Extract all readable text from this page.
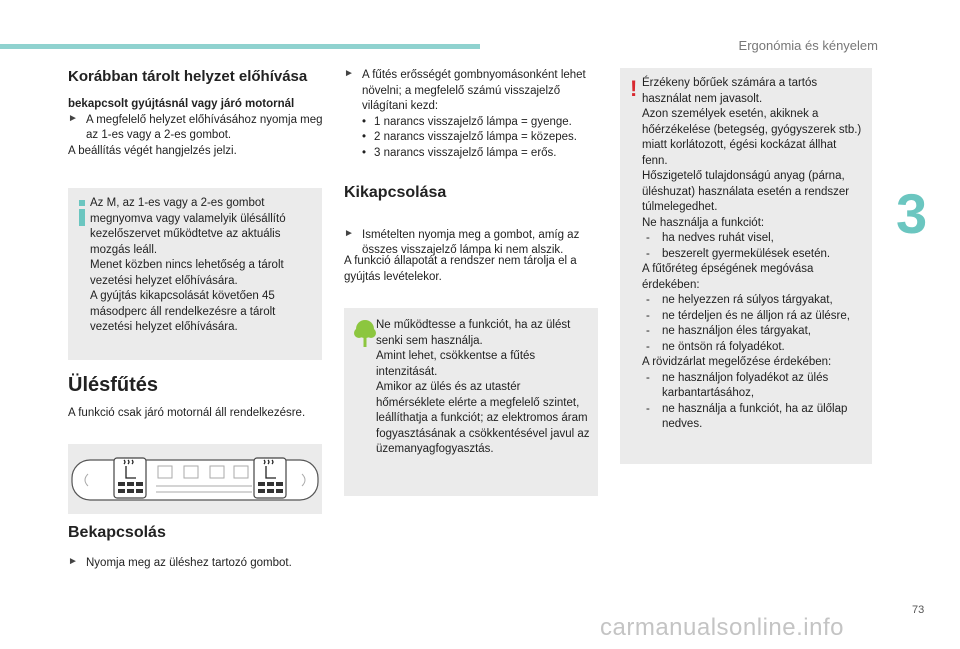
Ergonómia és kényelem
3
Korábban tárolt helyzet előhívása

bekapcsolt gyújtásnál vagy járó motornál

► A megfelelő helyzet előhívásához nyomja meg az 1-es vagy a 2-es gombot.

A beállítás végét hangjelzés jelzi.

Az M, az 1-es vagy a 2-es gombot megnyomva vagy valamelyik ülésállító kezelőszervet működtetve az aktuális mozgás leáll.

Menet közben nincs lehetőség a tárolt vezetési helyzet előhívására.

A gyújtás kikapcsolását követően 45 másodperc áll rendelkezésre a tárolt vezetési helyzet előhívására.

Ülésfűtés

A funkció csak járó motornál áll rendelkezésre.

Bekapcsolás
► Nyomja meg az üléshez tartozó gombot.

► A fűtés erősségét gombnyomásonként lehet növelni; a megfelelő számú visszajelző világítani kezd:

• 1 narancs visszajelző lámpa = gyenge.
• 2 narancs visszajelző lámpa = közepes.
• 3 narancs visszajelző lámpa = erős.
Kikapcsolása
► Ismételten nyomja meg a gombot, amíg az összes visszajelző lámpa ki nem alszik.

A funkció állapotát a rendszer nem tárolja el a gyújtás levételekor.

Ne működtesse a funkciót, ha az ülést senki sem használja.

Amint lehet, csökkentse a fűtés intenzitását.

Amikor az ülés és az utastér hőmérséklete elérte a megfelelő szintet, leállíthatja a funkciót; az elektromos áram fogyasztásának a csökkentésével javul az üzemanyagfogyasztás.

! Érzékeny bőrűek számára a tartós használat nem javasolt.

Azon személyek esetén, akiknek a hőérzékelése (betegség, gyógyszerek stb.) miatt korlátozott, égési kockázat állhat fenn.

Hőszigetelő tulajdonságú anyag (párna, üléshuzat) használata esetén a rendszer túlmelegedhet.

Ne használja a funkciót:

- ha nedves ruhát visel,
- beszerelt gyermekülések esetén.

A fűtőréteg épségének megóvása érdekében:

- ne helyezzen rá súlyos tárgyakat,
- ne térdeljen és ne álljon rá az ülésre,
- ne használjon éles tárgyakat,
- ne öntsön rá folyadékot.

A rövidzárlat megelőzése érdekében:

- ne használjon folyadékot az ülés karbantartásához,
- ne használja a funkciót, ha az ülőlap nedves.
73
carmanualsonline.info
